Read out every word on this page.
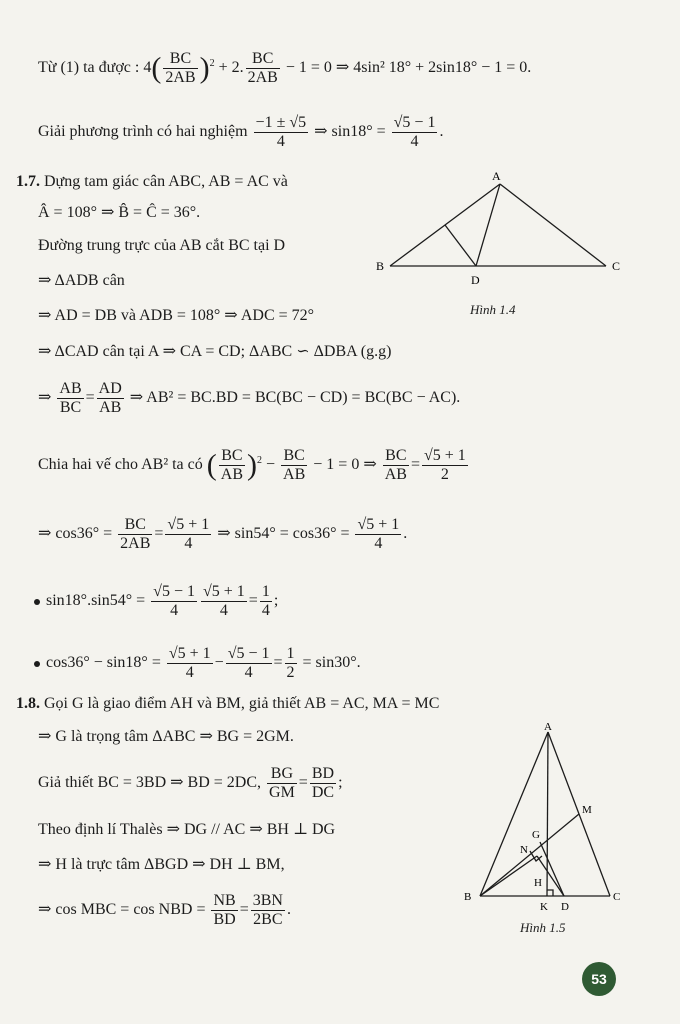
Từ (1) ta được : $4( \frac{BC}{2AB} )^2 + 2$. $\frac{BC}{2AB} - 1 = 0$ ⇒ 4sin² 18° + 2sin18° − 1 = 0.
Giải phương trình có hai nghiệm $\frac{-1 \pm √5}{4}$ ⇒ $\sin 18^\circ = \frac{√5 - 1}{4}$ .
1.7. Dựng tam giác cân ABC, AB = AC và
Â = 108° ⇒ B̂ = Ĉ = 36°.
Đường trung trực của AB cắt BC tại D
⇒ ΔADB cân
⇒ AD = DB và ADB = 108° ⇒ ADC = 72°
⇒ ΔCAD cân tại A ⇒ CA = CD; ΔABC ∽ ΔDBA (g.g)
⇒ $\frac{AB}{BC} = \frac{AD}{AB}$ ⇒ AB² = BC.BD = BC(BC − CD) = BC(BC − AC).
Chia hai vế cho AB² ta có ( $\frac{BC}{AB} )^2 - \frac{BC}{AB} - 1 = 0$ ⇒ $\frac{BC}{AB} = \frac{√5 + 1}{2}$
⇒ $\cos 36^\circ = \frac{BC}{2AB} = \frac{√5 + 1}{4}$ ⇒ $\sin 54^\circ = \cos 36^\circ = \frac{√5 + 1}{4}$ .
$\sin 18^\circ.\sin 54^\circ = \frac{√5 - 1}{4} \frac{√5 + 1}{4} = \frac{1}{4}$ ;
$\cos 36^\circ - \sin 18^\circ = \frac{√5 + 1}{4} - \frac{√5 - 1}{4} = \frac{1}{2} = \sin 30^\circ$.
A
B	C
D
Hình 1.4
1.8. Gọi G là giao điểm AH và BM, giả thiết AB = AC, MA = MC
⇒ G là trọng tâm ΔABC ⇒ BG = 2GM.
Giả thiết BC = 3BD ⇒ BD = 2DC, $\frac{BG}{GM} = \frac{BD}{DC}$ ;
Theo định lí Thalès ⇒ DG // AC ⇒ BH ⊥ DG
⇒ H là trực tâm ΔBGD ⇒ DH ⊥ BM,
⇒ cos MBC = cos NBD = $\frac{NB}{BD} = \frac{3BN}{2BC}$ .
A
B	C
D
K
M
G
N
H
Hình 1.5
53
